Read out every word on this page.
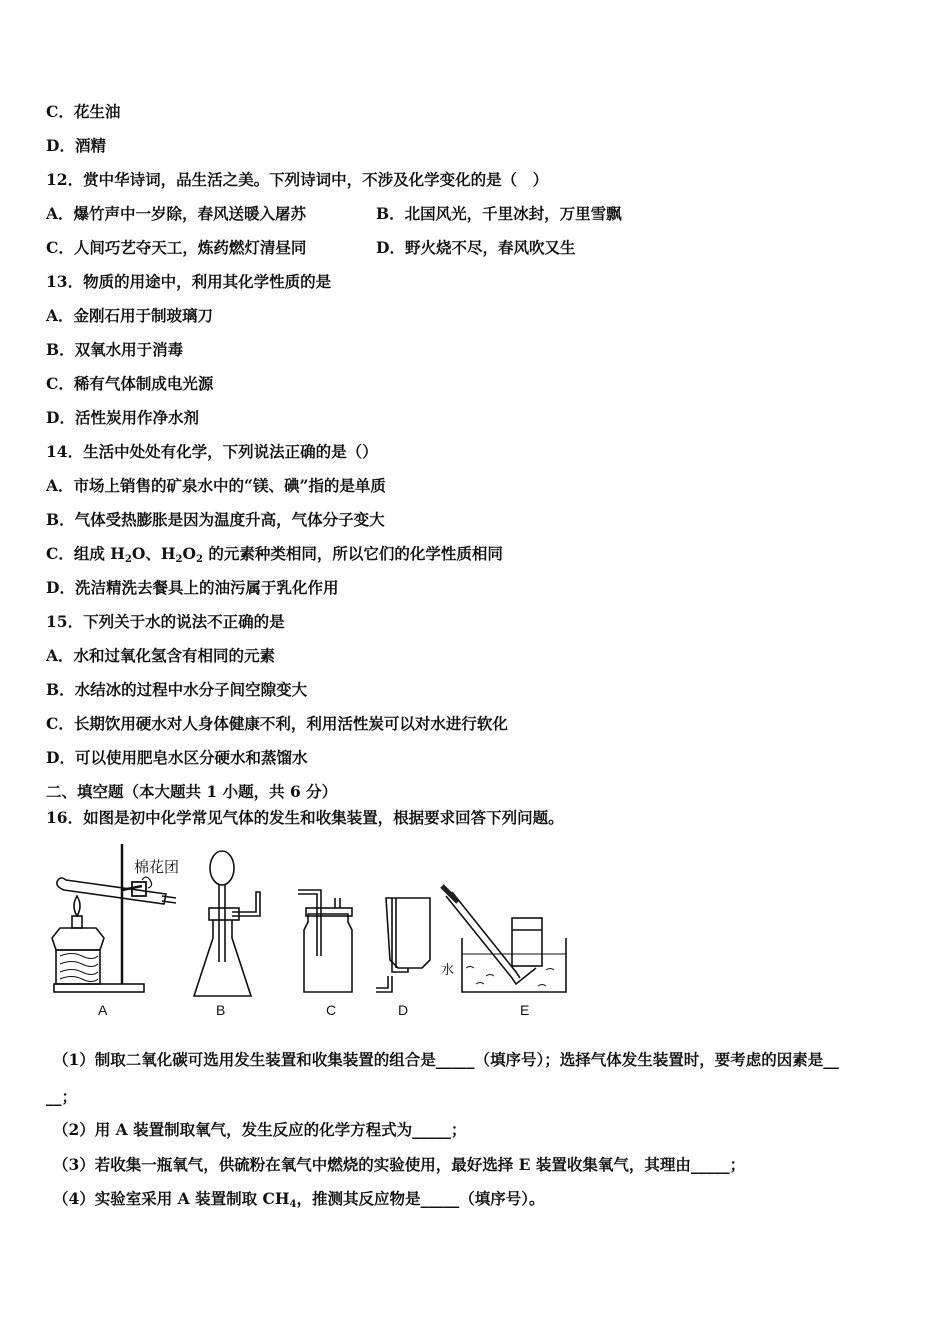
C．花生油
D．酒精
12．赏中华诗词，品生活之美。下列诗词中，不涉及化学变化的是（　）
A．爆竹声中一岁除，春风送暖入屠苏	B．北国风光，千里冰封，万里雪飘
C．人间巧艺夺天工，炼药燃灯清昼同	D．野火烧不尽，春风吹又生
13．物质的用途中，利用其化学性质的是
A．金刚石用于制玻璃刀
B．双氧水用于消毒
C．稀有气体制成电光源
D．活性炭用作净水剂
14．生活中处处有化学，下列说法正确的是（）
A．市场上销售的矿泉水中的“镁、碘”指的是单质
B．气体受热膨胀是因为温度升高，气体分子变大
C．组成 $H_2O$、$H_2O_2$ 的元素种类相同，所以它们的化学性质相同
D．洗洁精洗去餐具上的油污属于乳化作用
15．下列关于水的说法不正确的是
A．水和过氧化氢含有相同的元素
B．水结冰的过程中水分子间空隙变大
C．长期饮用硬水对人身体健康不利，利用活性炭可以对水进行软化
D．可以使用肥皂水区分硬水和蒸馏水
二、填空题（本大题共 1 小题，共 6 分）
16．如图是初中化学常见气体的发生和收集装置，根据要求回答下列问题。
棉花团
水
A	B	C	D	E
（1）制取二氧化碳可选用发生装置和收集装置的组合是_____（填序号）；选择气体发生装置时，要考虑的因素是__
__；
（2）用 A 装置制取氧气，发生反应的化学方程式为_____；
（3）若收集一瓶氧气，供硫粉在氧气中燃烧的实验使用，最好选择 E 装置收集氧气，其理由_____；
（4）实验室采用 A 装置制取 $CH_4$，推测其反应物是_____（填序号）。
